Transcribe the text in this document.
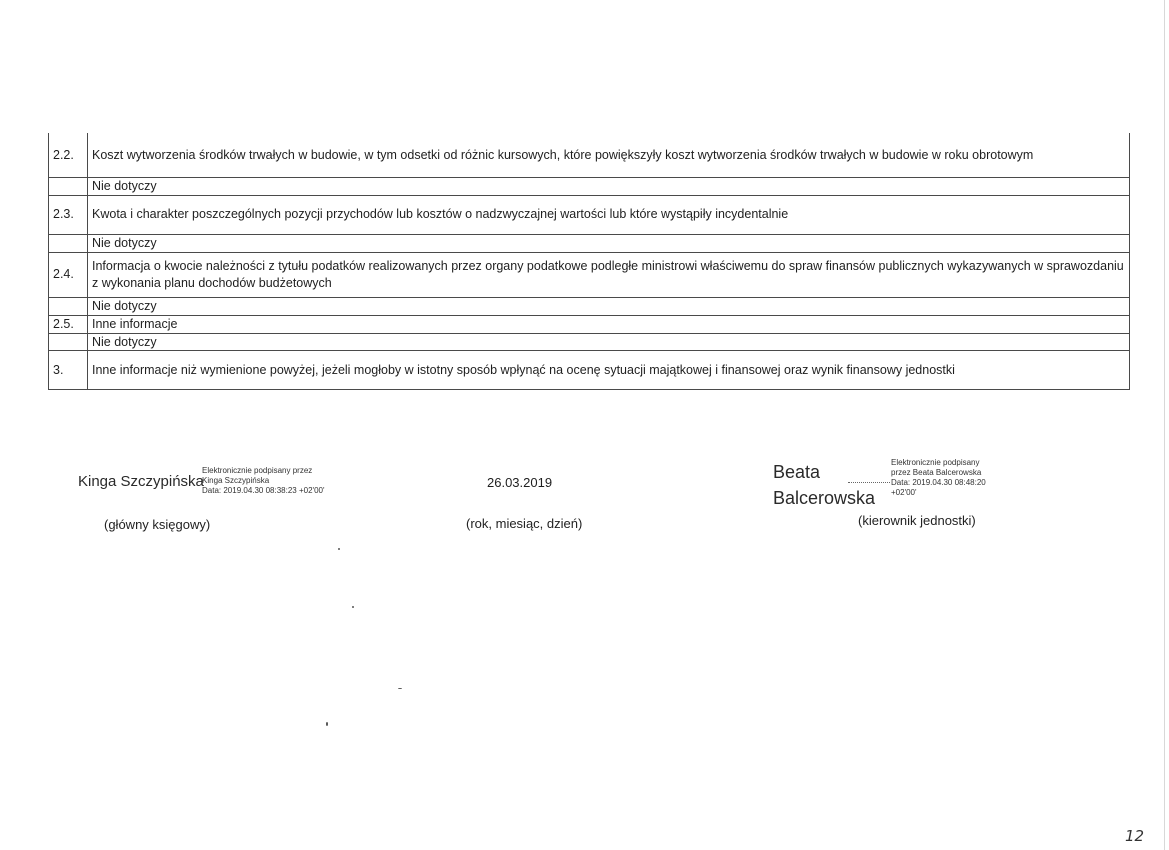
2.2.	Koszt wytworzenia środków trwałych w budowie, w tym odsetki od różnic kursowych, które powiększyły koszt wytworzenia środków trwałych w budowie w roku obrotowym
	Nie dotyczy
2.3.	Kwota i charakter poszczególnych pozycji przychodów lub kosztów o nadzwyczajnej wartości lub które wystąpiły incydentalnie
	Nie dotyczy
2.4.	Informacja o kwocie należności z tytułu podatków realizowanych przez organy podatkowe podległe ministrowi właściwemu do spraw finansów publicznych wykazywanych w sprawozdaniu z wykonania planu dochodów budżetowych
	Nie dotyczy
2.5.	Inne informacje
	Nie dotyczy
3.	Inne informacje niż wymienione powyżej, jeżeli mogłoby w istotny sposób wpłynąć na ocenę sytuacji majątkowej i finansowej oraz wynik finansowy jednostki
Kinga Szczypińska
Elektronicznie podpisany przez
Kinga Szczypińska
Data: 2019.04.30 08:38:23 +02'00'
26.03.2019
Beata
Balcerowska
Elektronicznie podpisany
przez Beata Balcerowska
Data: 2019.04.30 08:48:20
+02'00'
(główny księgowy)	(rok, miesiąc, dzień)	(kierownik jednostki)
12
